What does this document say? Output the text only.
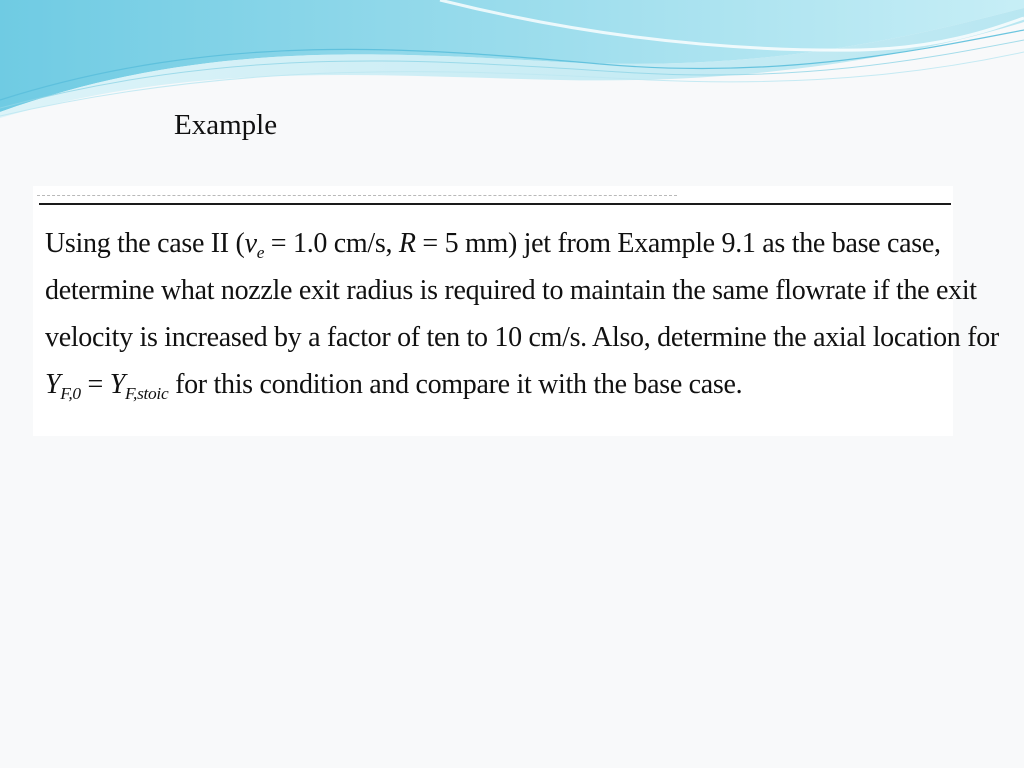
Example
Using the case II ($v_e = 1.0$ cm/s, R = 5 mm) jet from Example 9.1 as the base case,
determine what nozzle exit radius is required to maintain the same flowrate if the exit
velocity is increased by a factor of ten to 10 cm/s. Also, determine the axial location for
$Y_{F,0} = Y_{F,stoic}$ for this condition and compare it with the base case.
